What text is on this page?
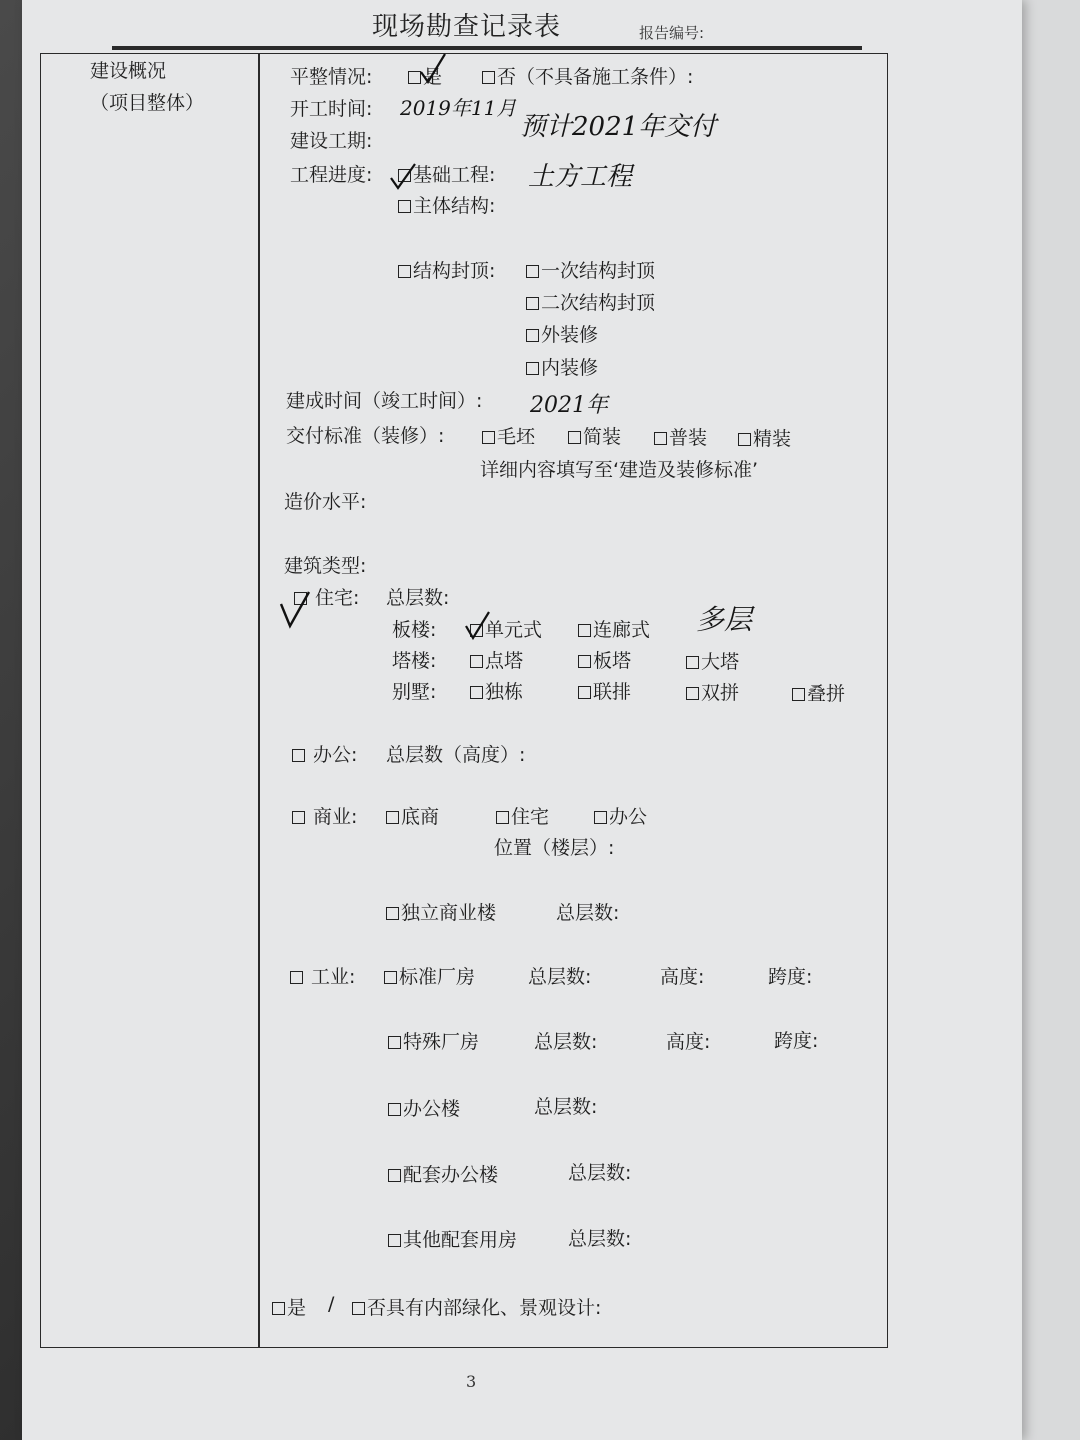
现场勘查记录表	报告编号:
建设概况
（项目整体）
平整情况:	是	否（不具备施工条件）:
开工时间: 2019年11月
预计2021年交付
建设工期:
工程进度:	基础工程: 土方工程
主体结构:
结构封顶:	一次结构封顶
二次结构封顶
外装修
内装修
建成时间（竣工时间）: 2021年
交付标准（装修）:	毛坯	简装	普装	精装
详细内容填写至‘建造及装修标准’
造价水平:
建筑类型:
住宅: 总层数:
板楼:	单元式	连廊式 多层
塔楼:	点塔	板塔	大塔
别墅:	独栋	联排	双拼	叠拼
办公: 总层数（高度）:
商业:	底商	住宅	办公
位置（楼层）:
独立商业楼	总层数:
工业:	标准厂房	总层数:	高度:	跨度:
特殊厂房	总层数:	高度:	跨度:
办公楼	总层数:
配套办公楼	总层数:
其他配套用房	总层数:
是 /	否具有内部绿化、景观设计:
3
